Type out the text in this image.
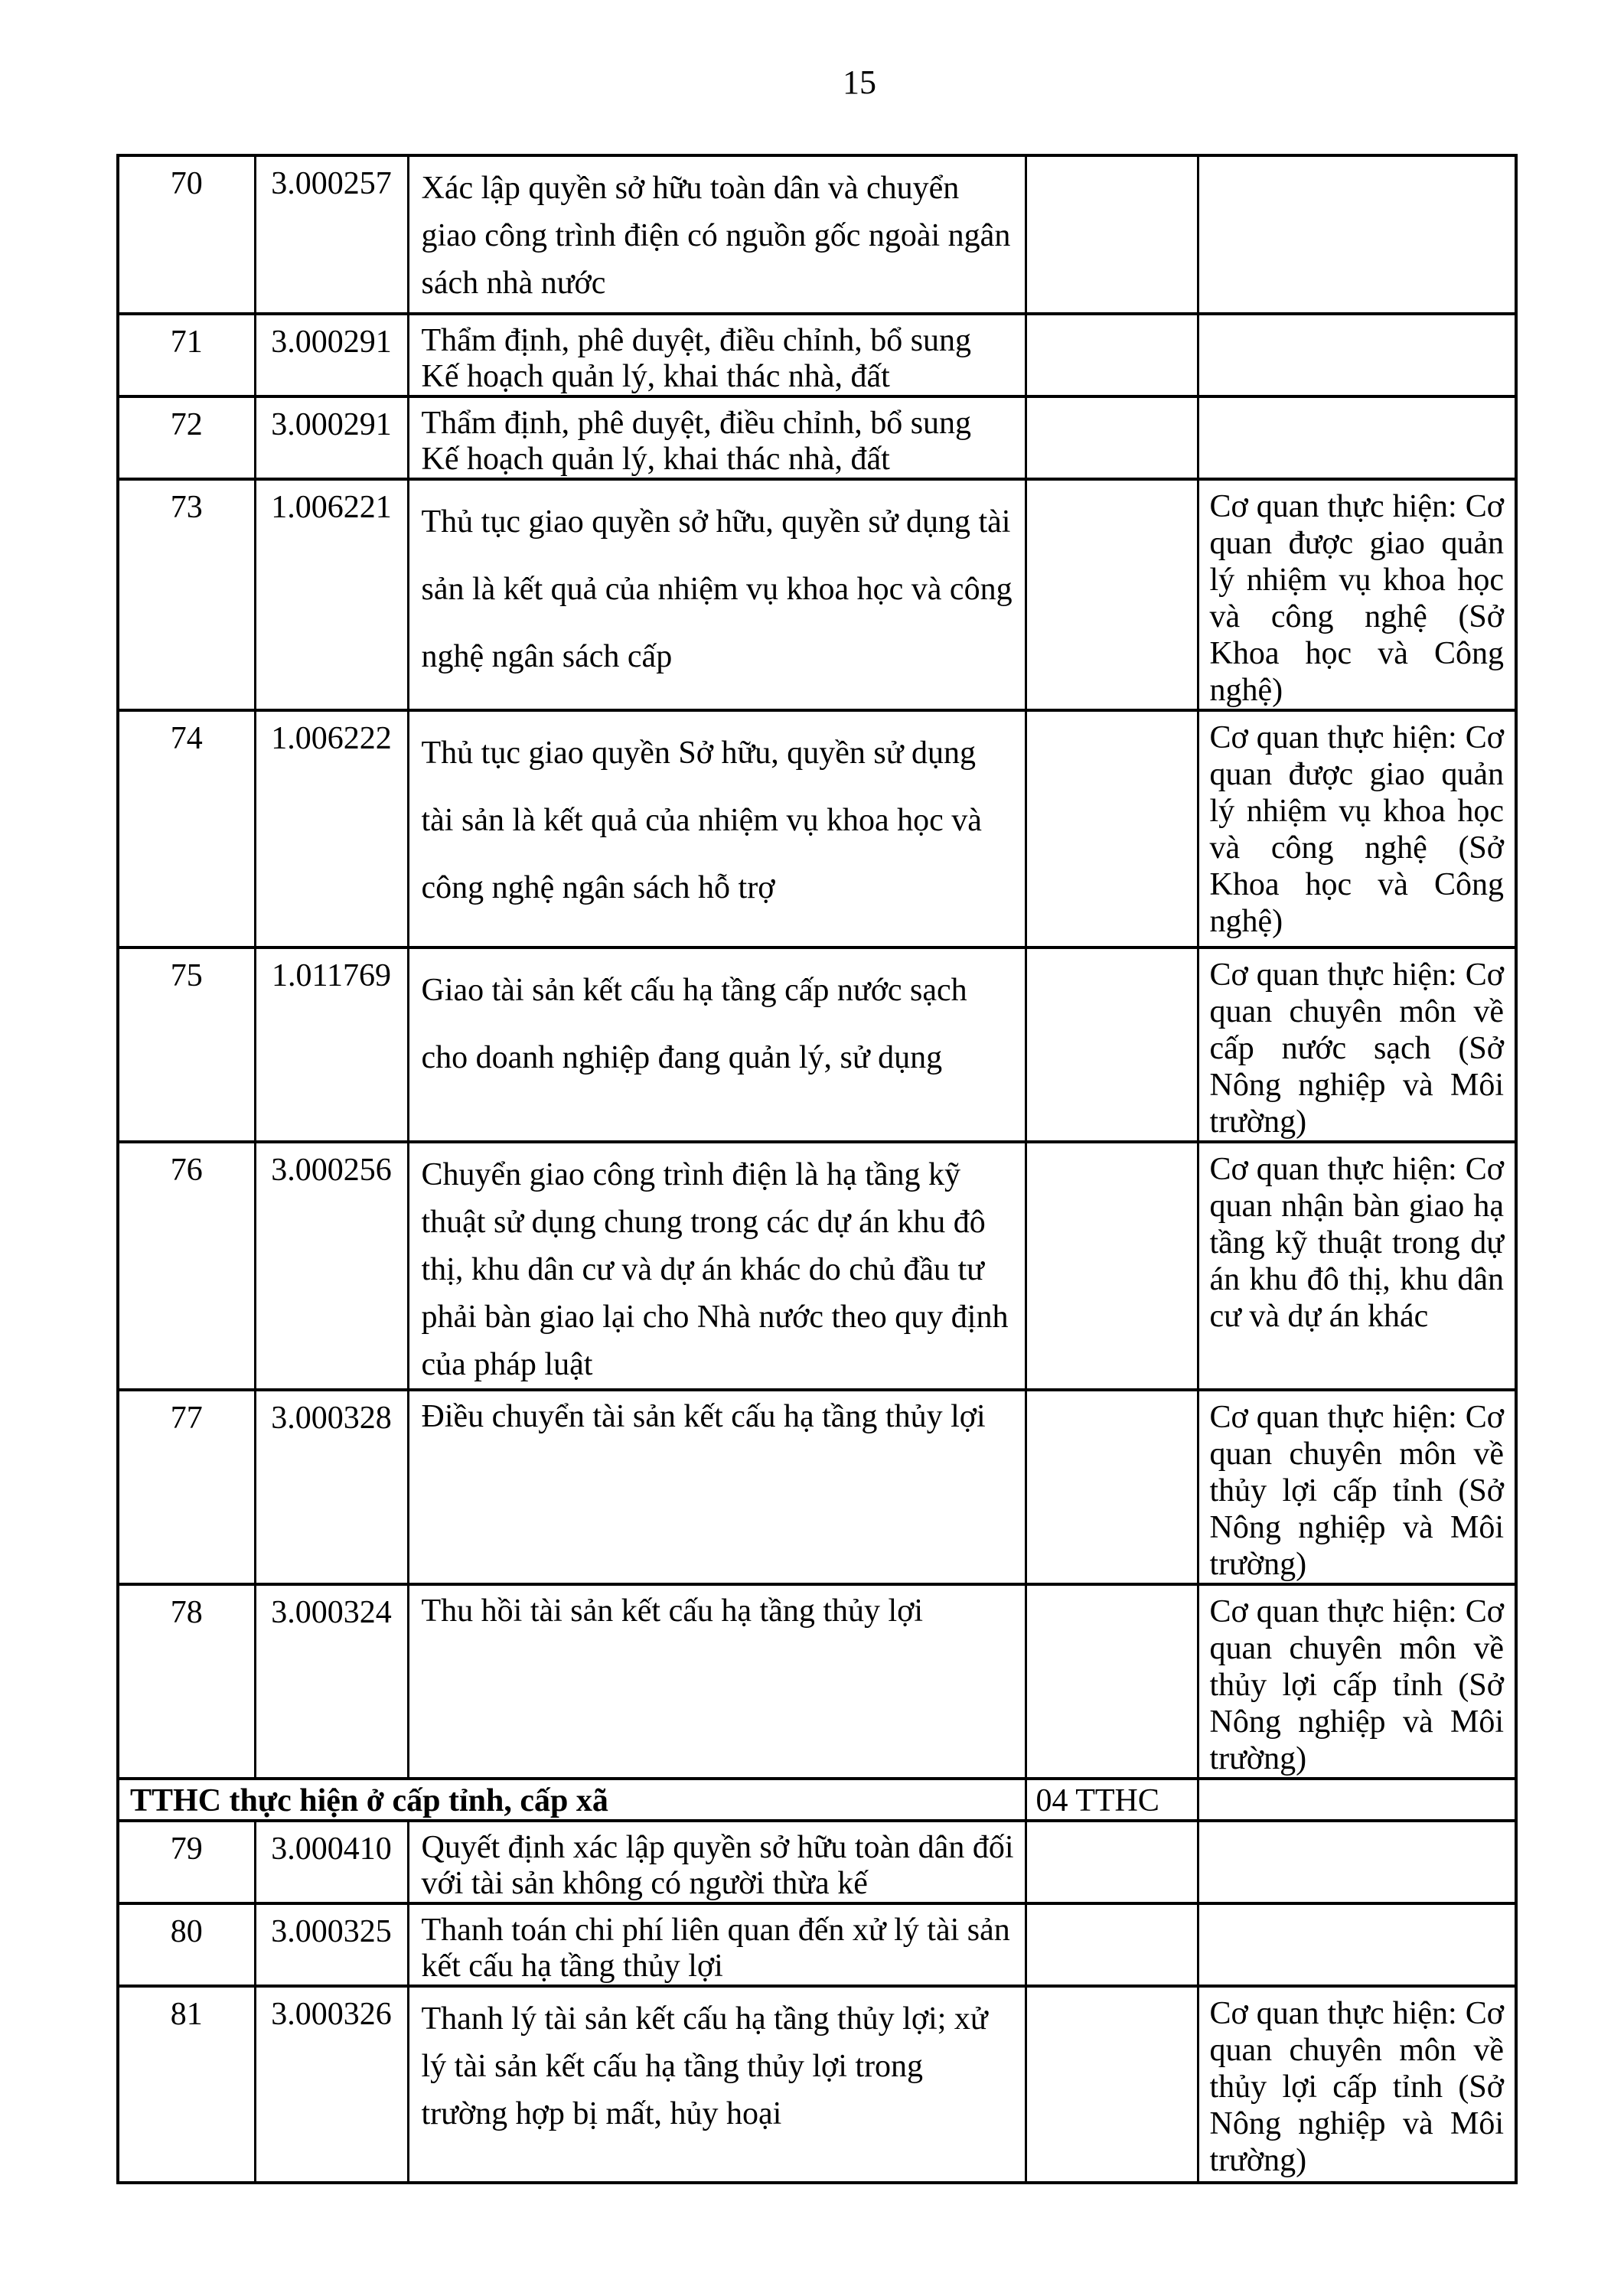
15
70	3.000257	Xác lập quyền sở hữu toàn dân và chuyển giao công trình điện có nguồn gốc ngoài ngân sách nhà nước		
71	3.000291	Thẩm định, phê duyệt, điều chỉnh, bổ sung Kế hoạch quản lý, khai thác nhà, đất		
72	3.000291	Thẩm định, phê duyệt, điều chỉnh, bổ sung Kế hoạch quản lý, khai thác nhà, đất		
73	1.006221	Thủ tục giao quyền sở hữu, quyền sử dụng tài sản là kết quả của nhiệm vụ khoa học và công nghệ ngân sách cấp		Cơ quan thực hiện: Cơ quan được giao quản lý nhiệm vụ khoa học và công nghệ (Sở Khoa học và Công nghệ)
74	1.006222	Thủ tục giao quyền Sở hữu, quyền sử dụng tài sản là kết quả của nhiệm vụ khoa học và công nghệ ngân sách hỗ trợ		Cơ quan thực hiện: Cơ quan được giao quản lý nhiệm vụ khoa học và công nghệ (Sở Khoa học và Công nghệ)
75	1.011769	Giao tài sản kết cấu hạ tầng cấp nước sạch cho doanh nghiệp đang quản lý, sử dụng		Cơ quan thực hiện: Cơ quan chuyên môn về cấp nước sạch (Sở Nông nghiệp và Môi trường)
76	3.000256	Chuyển giao công trình điện là hạ tầng kỹ thuật sử dụng chung trong các dự án khu đô thị, khu dân cư và dự án khác do chủ đầu tư phải bàn giao lại cho Nhà nước theo quy định của pháp luật		Cơ quan thực hiện: Cơ quan nhận bàn giao hạ tầng kỹ thuật trong dự án khu đô thị, khu dân cư và dự án khác
77	3.000328	Điều chuyển tài sản kết cấu hạ tầng thủy lợi		Cơ quan thực hiện: Cơ quan chuyên môn về thủy lợi cấp tỉnh (Sở Nông nghiệp và Môi trường)
78	3.000324	Thu hồi tài sản kết cấu hạ tầng thủy lợi		Cơ quan thực hiện: Cơ quan chuyên môn về thủy lợi cấp tỉnh (Sở Nông nghiệp và Môi trường)
TTHC thực hiện ở cấp tỉnh, cấp xã			04 TTHC	
79	3.000410	Quyết định xác lập quyền sở hữu toàn dân đối với tài sản không có người thừa kế		
80	3.000325	Thanh toán chi phí liên quan đến xử lý tài sản kết cấu hạ tầng thủy lợi		
81	3.000326	Thanh lý tài sản kết cấu hạ tầng thủy lợi; xử lý tài sản kết cấu hạ tầng thủy lợi trong trường hợp bị mất, hủy hoại		Cơ quan thực hiện: Cơ quan chuyên môn về thủy lợi cấp tỉnh (Sở Nông nghiệp và Môi trường)
